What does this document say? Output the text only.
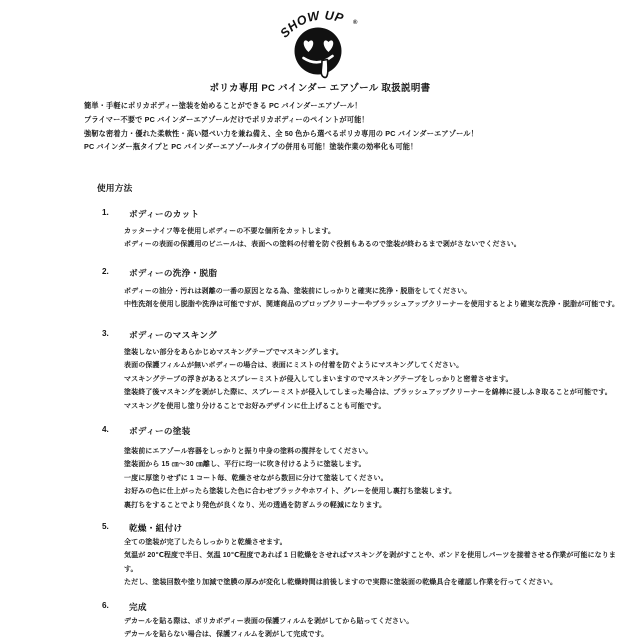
SHOW UP ®
ポリカ専用 PC バインダー エアゾール 取扱説明書
簡単・手軽にポリカボディー塗装を始めることができる PC バインダーエアゾール！
プライマー不要で PC バインダーエアゾールだけでポリカボディーのペイントが可能！
強靭な密着力・優れた柔軟性・高い隠ぺい力を兼ね備え、全 50 色から選べるポリカ専用の PC バインダーエアゾール！
PC バインダー瓶タイプと PC バインダーエアゾールタイプの併用も可能！塗装作業の効率化も可能！
使用方法
1. ボディーのカット
カッターナイフ等を使用しボディーの不要な個所をカットします。
ボディーの表面の保護用のビニールは、表面への塗料の付着を防ぐ役割もあるので塗装が終わるまで剥がさないでください。
2. ボディーの洗浄・脱脂
ボディーの油分・汚れは剥離の一番の原因となる為、塗装前にしっかりと確実に洗浄・脱脂をしてください。
中性洗剤を使用し脱脂や洗浄は可能ですが、関連商品のプロップクリーナーやブラッシュアップクリーナーを使用するとより確実な洗浄・脱脂が可能です。
3. ボディーのマスキング
塗装しない部分をあらかじめマスキングテープでマスキングします。
表面の保護フィルムが無いボディーの場合は、表面にミストの付着を防ぐようにマスキングしてください。
マスキングテープの浮きがあるとスプレーミストが侵入してしまいますのでマスキングテープをしっかりと密着させます。
塗装終了後マスキングを剥がした際に、スプレーミストが侵入してしまった場合は、ブラッシュアップクリーナーを綿棒に浸しふき取ることが可能です。
マスキングを使用し塗り分けることでお好みデザインに仕上げることも可能です。
4. ボディーの塗装
塗装前にエアゾール容器をしっかりと振り中身の塗料の撹拌をしてください。
塗装面から 15 ㎝～30 ㎝離し、平行に均一に吹き付けるように塗装します。
一度に厚塗りせずに 1 コート毎、乾燥させながら数回に分けて塗装してください。
お好みの色に仕上がったら塗装した色に合わせブラックやホワイト、グレーを使用し裏打ち塗装します。
裏打ちをすることでより発色が良くなり、光の透過を防ぎムラの軽減になります。
5. 乾燥・組付け
全ての塗装が完了したらしっかりと乾燥させます。
気温が 20℃程度で半日、気温 10℃程度であれば 1 日乾燥をさせればマスキングを剥がすことや、ボンドを使用しパーツを接着させる作業が可能になりま
す。
ただし、塗装回数や塗り加減で塗膜の厚みが変化し乾燥時間は前後しますので実際に塗装面の乾燥具合を確認し作業を行ってください。
6. 完成
デカールを貼る際は、ポリカボディー表面の保護フィルムを剥がしてから貼ってください。
デカールを貼らない場合は、保護フィルムを剥がして完成です。
